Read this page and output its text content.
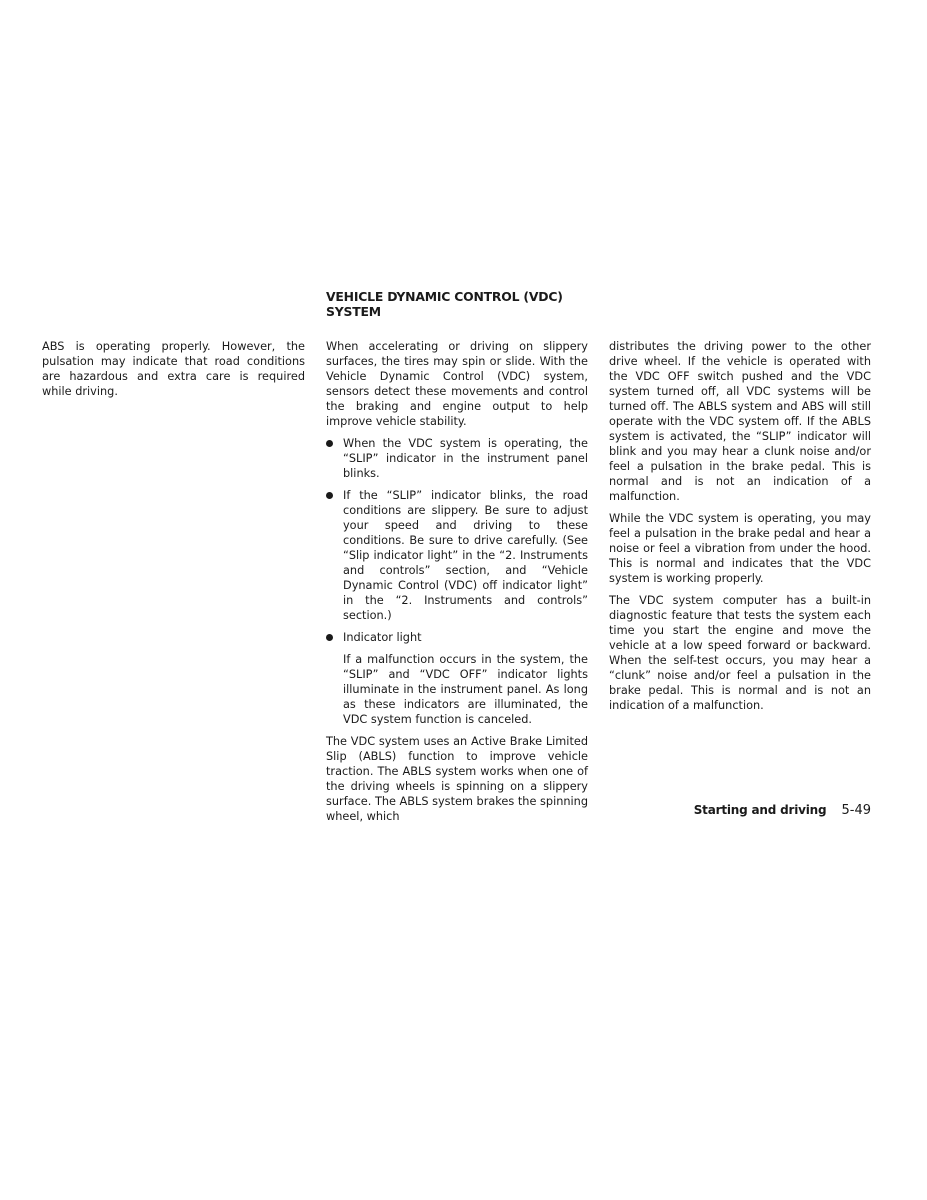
VEHICLE DYNAMIC CONTROL (VDC)
SYSTEM

ABS is operating properly. However, the pulsation may indicate that road conditions are hazardous and extra care is required while driving.

When accelerating or driving on slippery surfaces, the tires may spin or slide. With the Vehicle Dynamic Control (VDC) system, sensors detect these movements and control the braking and engine output to help improve vehicle stability.

When the VDC system is operating, the “SLIP” indicator in the instrument panel blinks.
If the “SLIP” indicator blinks, the road conditions are slippery. Be sure to adjust your speed and driving to these conditions. Be sure to drive carefully. (See “Slip indicator light” in the “2. Instruments and controls” section, and “Vehicle Dynamic Control (VDC) off indicator light” in the “2. Instruments and controls” section.)
Indicator light

If a malfunction occurs in the system, the “SLIP” and “VDC OFF” indicator lights illuminate in the instrument panel. As long as these indicators are illuminated, the VDC system function is canceled.

The VDC system uses an Active Brake Limited Slip (ABLS) function to improve vehicle traction. The ABLS system works when one of the driving wheels is spinning on a slippery surface. The ABLS system brakes the spinning wheel, which

distributes the driving power to the other drive wheel. If the vehicle is operated with the VDC OFF switch pushed and the VDC system turned off, all VDC systems will be turned off. The ABLS system and ABS will still operate with the VDC system off. If the ABLS system is activated, the “SLIP” indicator will blink and you may hear a clunk noise and/or feel a pulsation in the brake pedal. This is normal and is not an indication of a malfunction.

While the VDC system is operating, you may feel a pulsation in the brake pedal and hear a noise or feel a vibration from under the hood. This is normal and indicates that the VDC system is working properly.

The VDC system computer has a built-in diagnostic feature that tests the system each time you start the engine and move the vehicle at a low speed forward or backward. When the self-test occurs, you may hear a “clunk” noise and/or feel a pulsation in the brake pedal. This is normal and is not an indication of a malfunction.

Starting and driving 5-49
